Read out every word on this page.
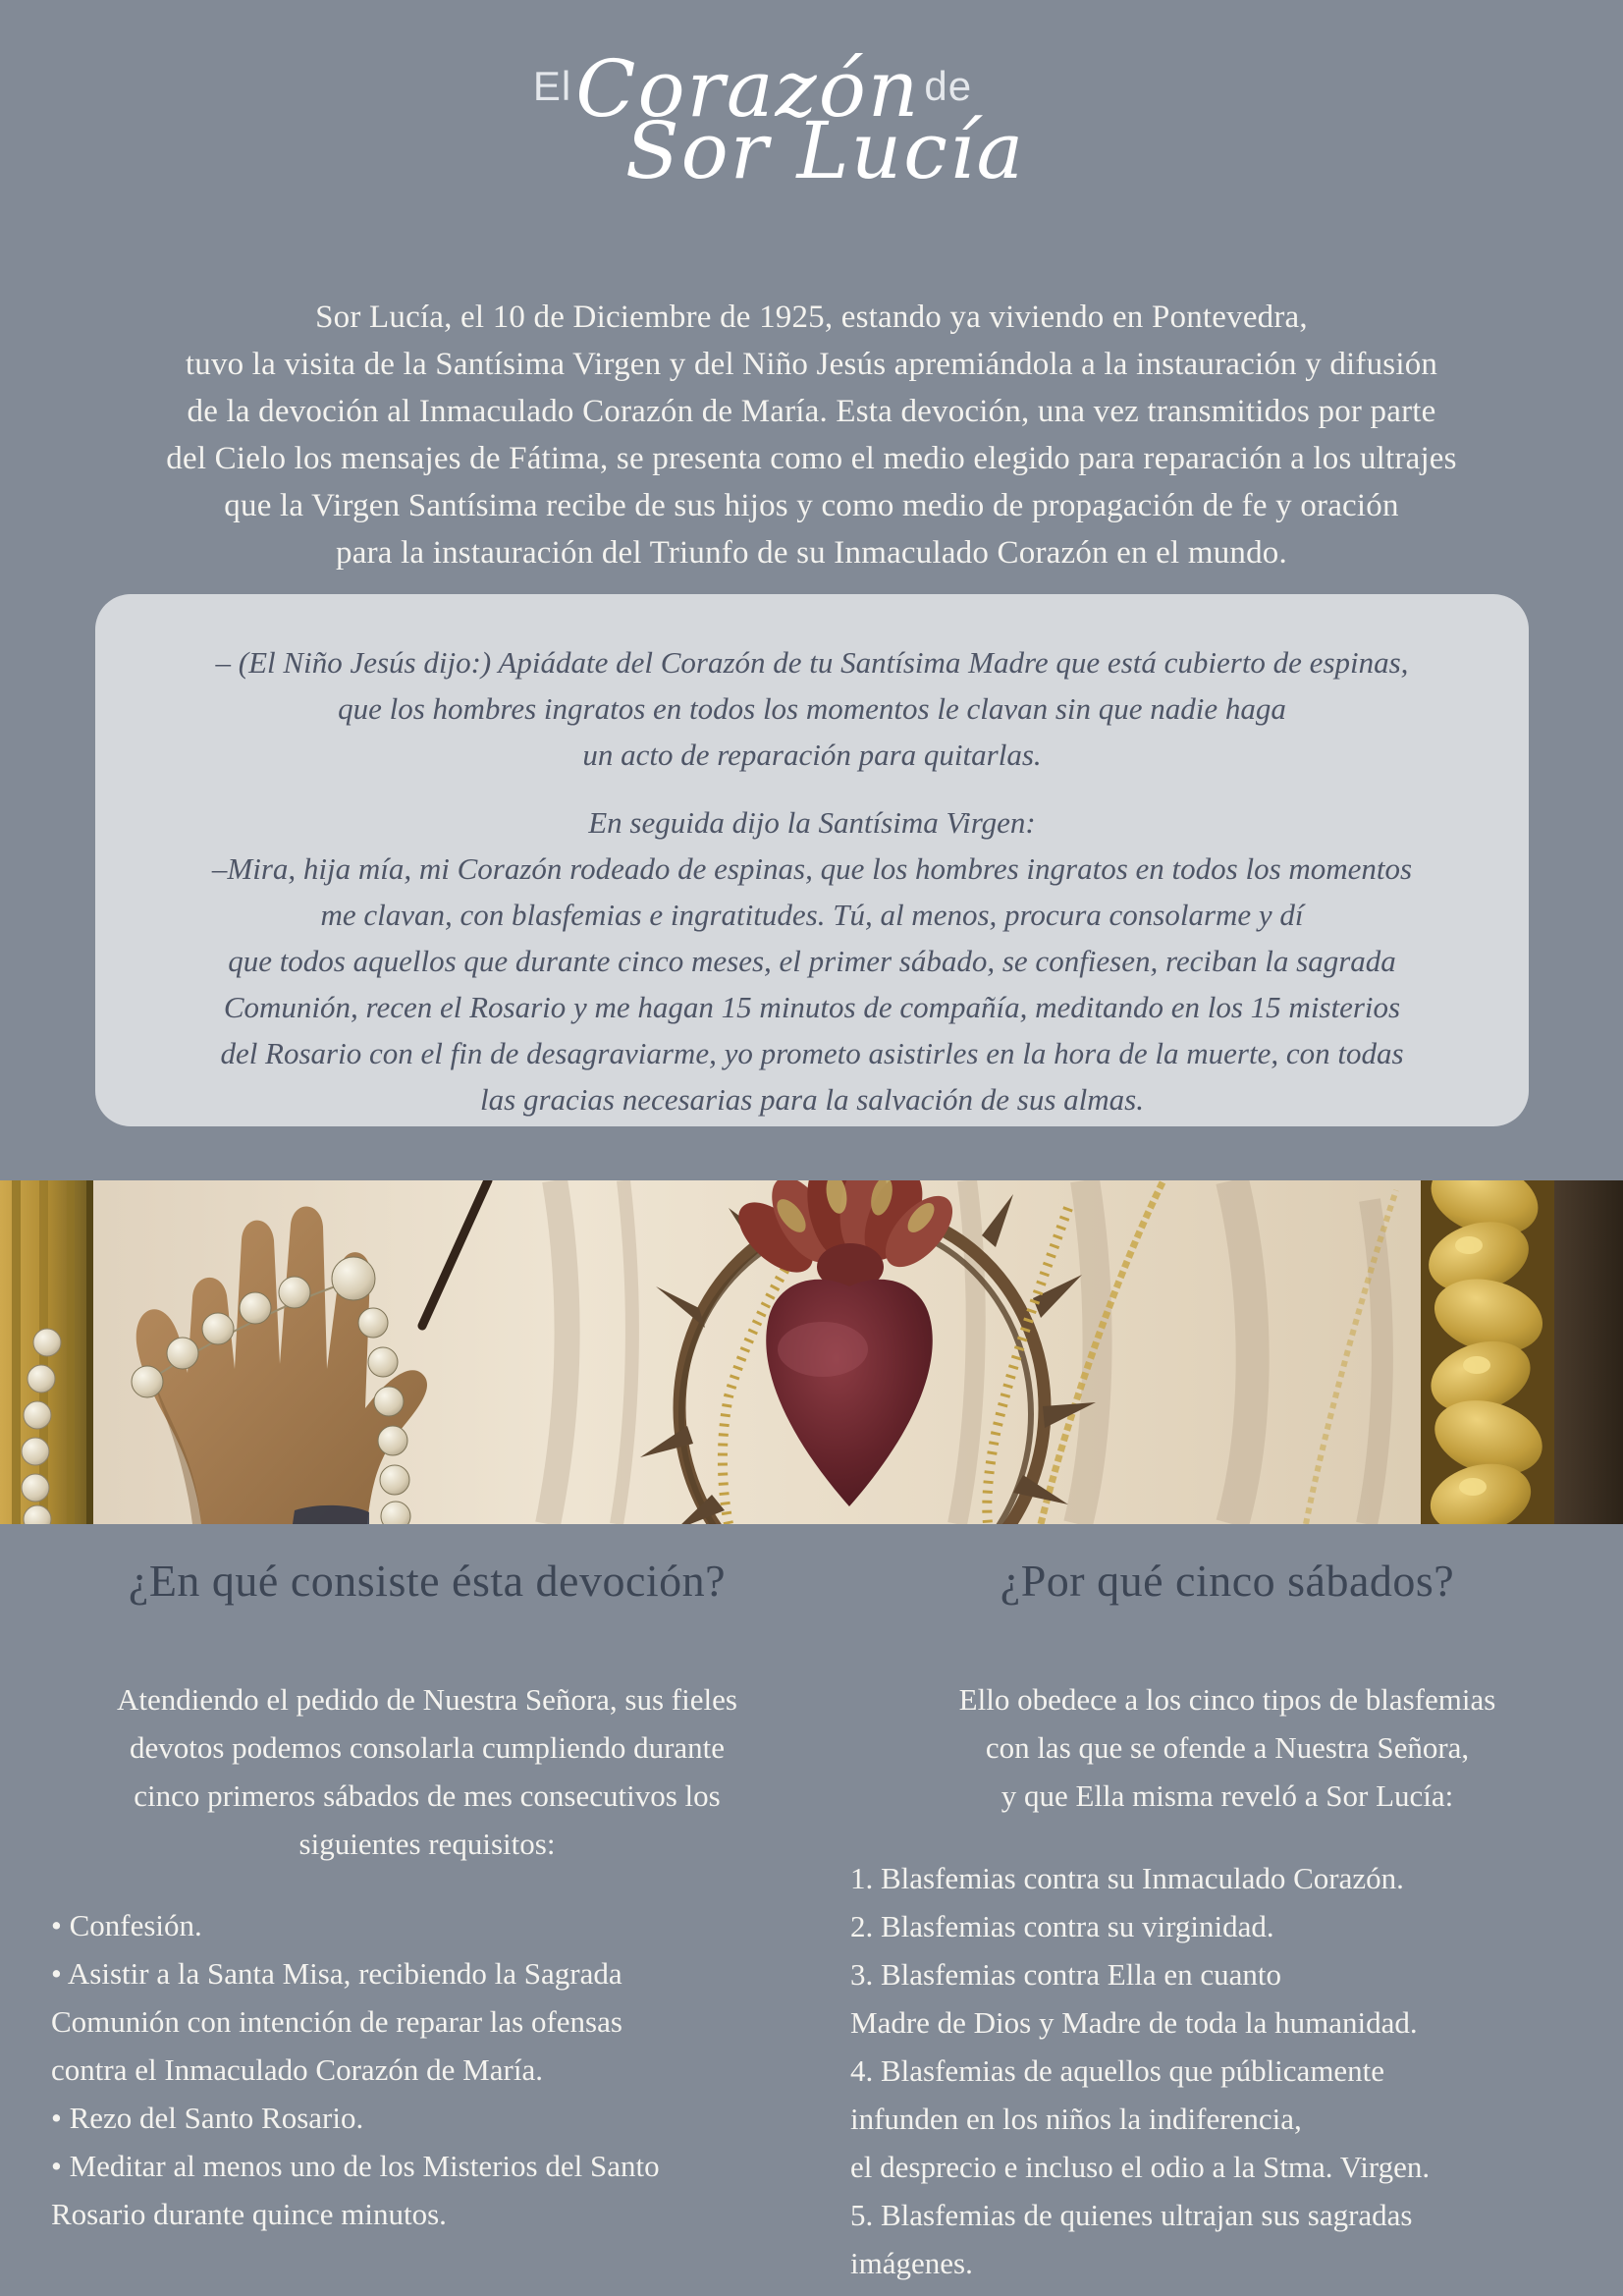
El Corazón de
Sor Lucía
Sor Lucía, el 10 de Diciembre de 1925, estando ya viviendo en Pontevedra,
tuvo la visita de la Santísima Virgen y del Niño Jesús apremiándola a la instauración y difusión
de la devoción al Inmaculado Corazón de María. Esta devoción, una vez transmitidos por parte
del Cielo los mensajes de Fátima, se presenta como el medio elegido para reparación a los ultrajes
que la Virgen Santísima recibe de sus hijos y como medio de propagación de fe y oración
para la instauración del Triunfo de su Inmaculado Corazón en el mundo.
– (El Niño Jesús dijo:) Apiádate del Corazón de tu Santísima Madre que está cubierto de espinas,
que los hombres ingratos en todos los momentos le clavan sin que nadie haga
un acto de reparación para quitarlas.
En seguida dijo la Santísima Virgen:
–Mira, hija mía, mi Corazón rodeado de espinas, que los hombres ingratos en todos los momentos
me clavan, con blasfemias e ingratitudes. Tú, al menos, procura consolarme y dí
que todos aquellos que durante cinco meses, el primer sábado, se confiesen, reciban la sagrada
Comunión, recen el Rosario y me hagan 15 minutos de compañía, meditando en los 15 misterios
del Rosario con el fin de desagraviarme, yo prometo asistirles en la hora de la muerte, con todas
las gracias necesarias para la salvación de sus almas.
¿En qué consiste ésta devoción?
Atendiendo el pedido de Nuestra Señora, sus fieles
devotos podemos consolarla cumpliendo durante
cinco primeros sábados de mes consecutivos los
siguientes requisitos:
• Confesión.
• Asistir a la Santa Misa, recibiendo la Sagrada
Comunión con intención de reparar las ofensas
contra el Inmaculado Corazón de María.
• Rezo del Santo Rosario.
• Meditar al menos uno de los Misterios del Santo
Rosario durante quince minutos.
¿Por qué cinco sábados?
Ello obedece a los cinco tipos de blasfemias
con las que se ofende a Nuestra Señora,
y que Ella misma reveló a Sor Lucía:
1. Blasfemias contra su Inmaculado Corazón.
2. Blasfemias contra su virginidad.
3. Blasfemias contra Ella en cuanto
Madre de Dios y Madre de toda la humanidad.
4. Blasfemias de aquellos que públicamente
infunden en los niños la indiferencia,
el desprecio e incluso el odio a la Stma. Virgen.
5. Blasfemias de quienes ultrajan sus sagradas
imágenes.
